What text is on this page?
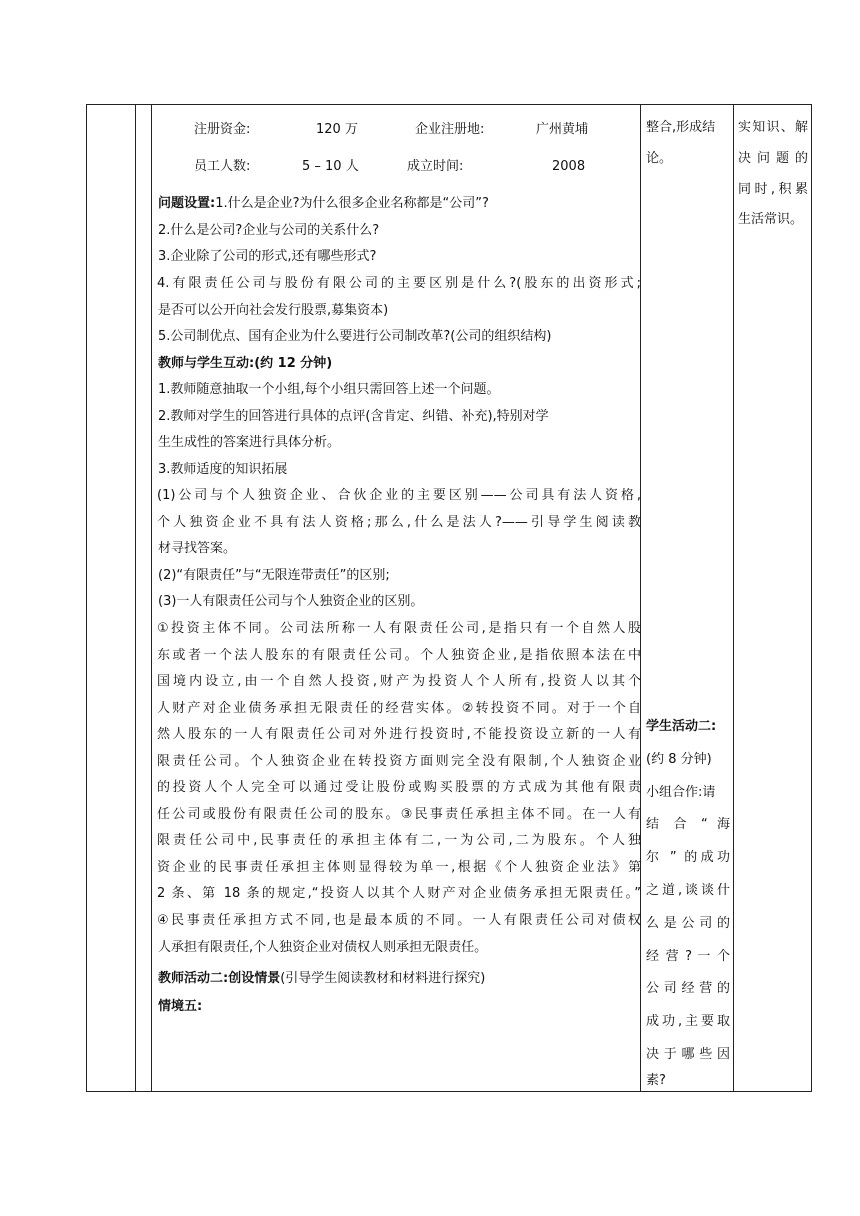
注册资金:	120 万	企业注册地:	广州黄埔
员工人数:	5 – 10 人	成立时间:	2008
问题设置:1.什么是企业?为什么很多企业名称都是“公司”?
2.什么是公司?企业与公司的关系什么?
3.企业除了公司的形式,还有哪些形式?
4.有限责任公司与股份有限公司的主要区别是什么?(股东的出资形式;
是否可以公开向社会发行股票,募集资本)
5.公司制优点、国有企业为什么要进行公司制改革?(公司的组织结构)
教师与学生互动:(约 12 分钟)
1.教师随意抽取一个小组,每个小组只需回答上述一个问题。
2.教师对学生的回答进行具体的点评(含肯定、纠错、补充),特别对学
生生成性的答案进行具体分析。
3.教师适度的知识拓展
(1)公司与个人独资企业、合伙企业的主要区别——公司具有法人资格,
个人独资企业不具有法人资格;那么,什么是法人?——引导学生阅读教
材寻找答案。
(2)“有限责任”与“无限连带责任”的区别;
(3)一人有限责任公司与个人独资企业的区别。
①投资主体不同。公司法所称一人有限责任公司,是指只有一个自然人股
东或者一个法人股东的有限责任公司。个人独资企业,是指依照本法在中
国境内设立,由一个自然人投资,财产为投资人个人所有,投资人以其个
人财产对企业债务承担无限责任的经营实体。②转投资不同。对于一个自
然人股东的一人有限责任公司对外进行投资时,不能投资设立新的一人有
限责任公司。个人独资企业在转投资方面则完全没有限制,个人独资企业
的投资人个人完全可以通过受让股份或购买股票的方式成为其他有限责
任公司或股份有限责任公司的股东。③民事责任承担主体不同。在一人有
限责任公司中,民事责任的承担主体有二,一为公司,二为股东。个人独
资企业的民事责任承担主体则显得较为单一,根据《个人独资企业法》第
2 条、第 18 条的规定,“投资人以其个人财产对企业债务承担无限责任。”
④民事责任承担方式不同,也是最本质的不同。一人有限责任公司对债权
人承担有限责任,个人独资企业对债权人则承担无限责任。
教师活动二:创设情景(引导学生阅读教材和材料进行探究)
情境五:

整合,形成结
论。
学生活动二:
(约 8 分钟)
小组合作:请
结 合 “ 海
尔 ” 的成功
之道,谈谈什
么 是 公 司 的
经 营 ? 一 个
公 司 经 营 的
成功,主要取
决 于 哪 些 因
素?

实知识、解
决 问 题 的
同时,积累
生活常识。
